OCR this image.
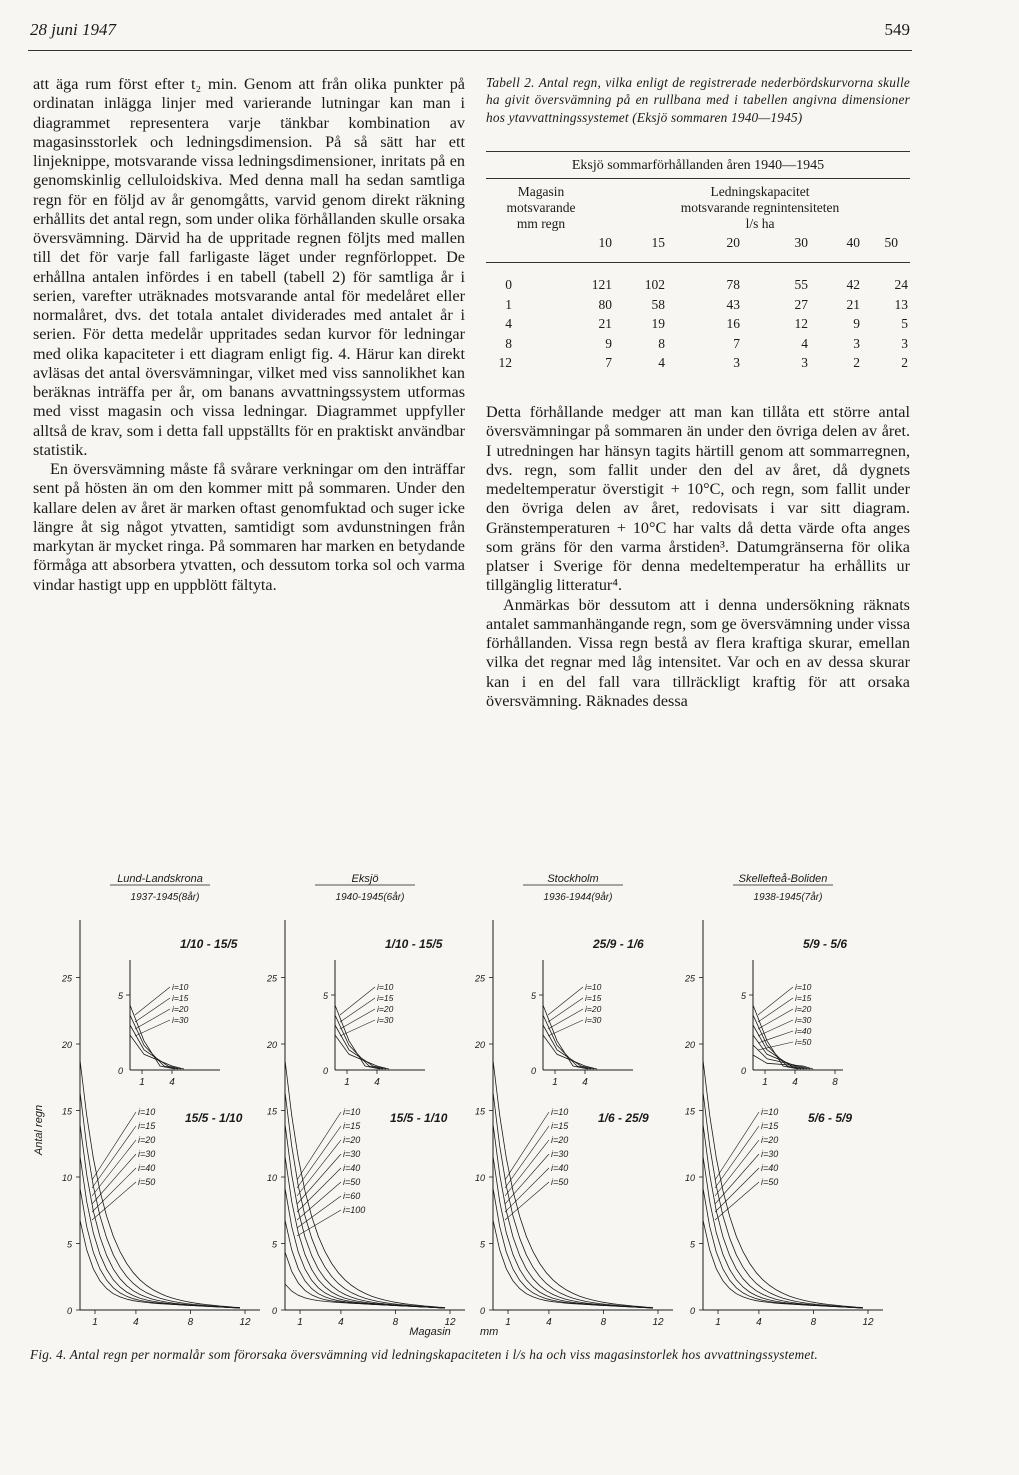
28 juni 1947	549

att äga rum först efter t₂ min. Genom att från olika punkter på ordinatan inlägga linjer med varierande lutningar kan man i diagrammet representera varje tänkbar kombination av magasinsstorlek och ledningsdimension. På så sätt har ett linjeknippe, motsvarande vissa ledningsdimensioner, inritats på en genomskinlig celluloidskiva. Med denna mall ha sedan samtliga regn för en följd av år genomgåtts, varvid genom direkt räkning erhållits det antal regn, som under olika förhållanden skulle orsaka översvämning. Därvid ha de uppritade regnen följts med mallen till det för varje fall farligaste läget under regnförloppet. De erhållna antalen infördes i en tabell (tabell 2) för samtliga år i serien, varefter uträknades motsvarande antal för medelåret eller normalåret, dvs. det totala antalet dividerades med antalet år i serien. För detta medelår uppritades sedan kurvor för ledningar med olika kapaciteter i ett diagram enligt fig. 4. Härur kan direkt avläsas det antal översvämningar, vilket med viss sannolikhet kan beräknas inträffa per år, om banans avvattningssystem utformas med visst magasin och vissa ledningar. Diagrammet uppfyller alltså de krav, som i detta fall uppställts för en praktiskt användbar statistik.

En översvämning måste få svårare verkningar om den inträffar sent på hösten än om den kommer mitt på sommaren. Under den kallare delen av året är marken oftast genomfuktad och suger icke längre åt sig något ytvatten, samtidigt som avdunstningen från markytan är mycket ringa. På sommaren har marken en betydande förmåga att absorbera ytvatten, och dessutom torka sol och varma vindar hastigt upp en uppblött fältyta.

Tabell 2. Antal regn, vilka enligt de registrerade nederbördskurvorna skulle ha givit översvämning på en rullbana med i tabellen angivna dimensioner hos ytavvattningssystemet (Eksjö sommaren 1940—1945)
Eksjö sommarförhållanden åren 1940—1945
Magasin
motsvarande
mm regn
Ledningskapacitet
motsvarande regnintensiteten
l/s ha
10	15	20	30	40	50
0	121	102	78	55	42	24
1	80	58	43	27	21	13
4	21	19	16	12	9	5
8	9	8	7	4	3	3
12	7	4	3	3	2	2

Detta förhållande medger att man kan tillåta ett större antal översvämningar på sommaren än under den övriga delen av året. I utredningen har hänsyn tagits härtill genom att sommarregnen, dvs. regn, som fallit under den del av året, då dygnets medeltemperatur överstigit + 10°C, och regn, som fallit under den övriga delen av året, redovisats i var sitt diagram. Gränstemperaturen + 10°C har valts då detta värde ofta anges som gräns för den varma årstiden³. Datumgränserna för olika platser i Sverige för denna medeltemperatur ha erhållits ur tillgänglig litteratur⁴.

Anmärkas bör dessutom att i denna undersökning räknats antalet sammanhängande regn, som ge översvämning under vissa förhållanden. Vissa regn bestå av flera kraftiga skurar, emellan vilka det regnar med låg intensitet. Var och en av dessa skurar kan i en del fall vara tillräckligt kraftig för att orsaka översvämning. Räknades dessa

Lund-Landskrona
1937-1945(8år)
25
20
15
10
5
0
1	4	8	12
i=10
i=15
i=20
i=30
i=40
i=50
15/5 - 1/10
5
0
1 4
i=10
i=15
i=20
i=30
1/10 - 15/5
Eksjö
1940-1945(6år)
25
20
15
10
5
0
1	4	8	12
i=10
i=15
i=20
i=30
i=40
i=50
i=60
i=100
15/5 - 1/10
5
0
1 4
i=10
i=15
i=20
i=30
1/10 - 15/5
Stockholm
1936-1944(9år)
25
20
15
10
5
0
1	4	8	12
i=10
i=15
i=20
i=30
i=40
i=50
1/6 - 25/9
5
0
1 4
i=10
i=15
i=20
i=30
25/9 - 1/6
Skellefteå-Boliden
1938-1945(7år)
25
20
15
10
5
0
1	4	8	12
i=10
i=15
i=20
i=30
i=40
i=50
5/6 - 5/9
5
0
1 4	8
i=10
i=15
i=20
i=30
i=40
i=50
5/9 - 5/6
Antal regn
Magasin	mm
Fig. 4. Antal regn per normalår som förorsaka översvämning vid ledningskapaciteten i l/s ha och viss magasinstorlek hos avvattningssystemet.
